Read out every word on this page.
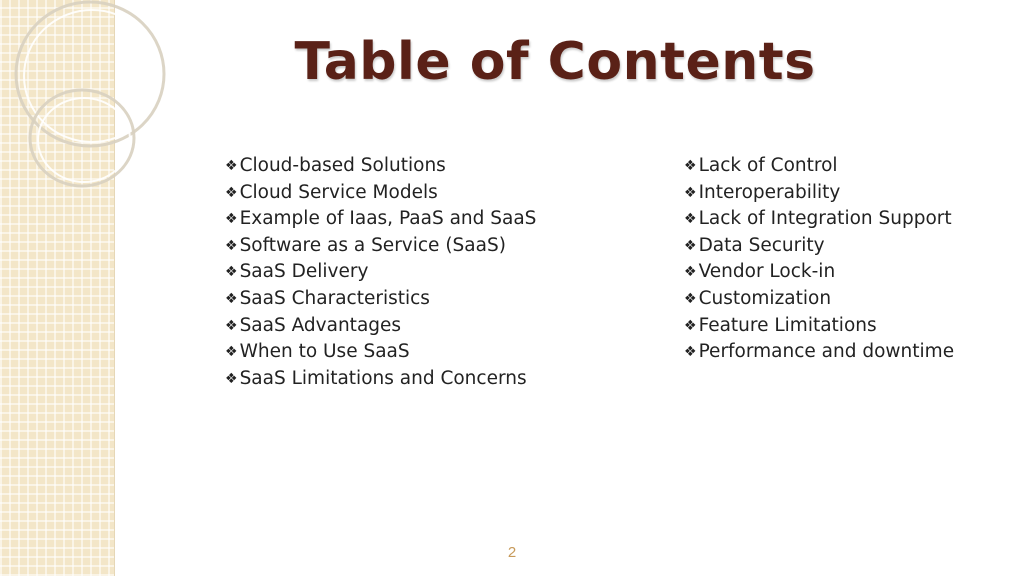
Table of Contents
❖ Cloud-based Solutions
❖ Cloud Service Models
❖ Example of Iaas, PaaS and SaaS
❖ Software as a Service (SaaS)
❖ SaaS Delivery
❖ SaaS Characteristics
❖ SaaS Advantages
❖ When to Use SaaS
❖ SaaS Limitations and Concerns
❖ Lack of Control
❖ Interoperability
❖ Lack of Integration Support
❖ Data Security
❖ Vendor Lock-in
❖ Customization
❖ Feature Limitations
❖ Performance and downtime
2
